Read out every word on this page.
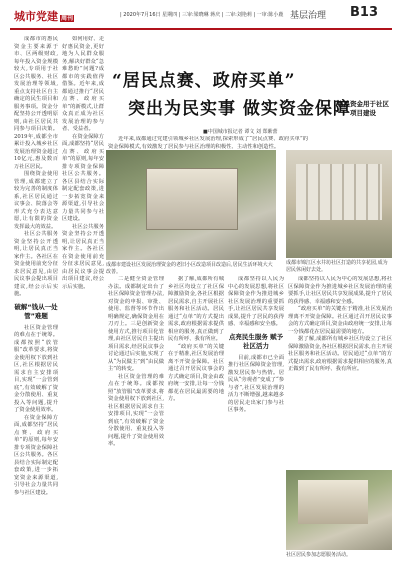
城市党建 周刊	| 2020年7月16日 星期四 | 三审:梁晓琳 蒋庆 | 二审:刘艳莉 | 一审:陈小鹿 基层治理 B13

成都市的惠民资金主要来源于市、区两级财政,每年投入资金规模较大,专项用于社区公共服务、社区发展治理等领域,重点支持社区自主确定的民生项目和服务事项。资金分配坚持公开透明原则,由社区居民共同参与项目决策。2019年,成都全市累计投入城乡社区发展治理资金超过10亿元,惠及数百万社区居民。

围绕资金使用管理,成都建立了较为完善的制度体系,社区居民通过议事会、院落会等形式充分表达意愿,让有限的资金发挥最大的效益。

社区公共服务资金坚持公开透明,让居民真正当家作主。各社区在资金使用前充分征求居民意见,由居民议事会提出项目建议,经公示后实施。

破解“钱从一处管”难题

社区资金管理的难点在于统筹。成都按照“放管服”改革要求,将资金使用权下放到社区,社区根据居民需求自主安排项目,实现“一会管到底”,有效破解了资金分散使用、重复投入等问题,提升了资金使用效率。

在资金保障方面,成都坚持“居民点赛、政府买单”的原则,每年安排专项资金保障社区公共服务。各区县结合实际制定配套政策,进一步拓宽资金来源渠道,引导社会力量共同参与社区建设。

如何用好、走好惠民资金,更好地为人民群众服务,解决好群众“急难愁盼”问题?成都市的实践值得借鉴。近年来,成都通过推行“居民点赛、政府买单”的新模式,让群众真正成为社区发展治理的参与者、受益者。

在资金保障方面,成都坚持“居民点赛、政府买单”的原则,每年安排专项资金保障社区公共服务。各区县结合实际制定配套政策,进一步拓宽资金来源渠道,引导社会力量共同参与社区建设。

社区公共服务资金坚持公开透明,让居民真正当家作主。各社区在资金使用前充分征求居民意见,由居民议事会提出项目建议,经公示后实施。

“居民点赛、政府买单”
突出为民实事 做实资金保障
■中国城市报记者 谭文 刘 郑紫蕾

近年来,成都通过党建引领城乡社区发展治理,探索形成了“居民点赛、政府买单”的资金保障模式,有效激发了居民参与社区治理的积极性、主动性和创造性。

惠民资金用于社区项目建设
成都市建设社区发展治理资金的老旧小区改造项目改造后,居民生活环境大大改善。
成都市锦江区水井坊社区打造的共享花园,成为居民休闲好去处。

二是健全资金管理办法。成都制定出台了社区保障资金管理办法,对资金的申报、审批、使用、监督等环节作出明确规定,确保资金用在刀刃上。三是创新资金使用方式,推行项目化管理,由社区居民自主提出项目需求,经居民议事会讨论通过后实施,实现了从“为民做主”到“由民做主”的转变。

社区资金管理的难点在于统筹。成都按照“放管服”改革要求,将资金使用权下放到社区,社区根据居民需求自主安排项目,实现“一会管到底”,有效破解了资金分散使用、重复投入等问题,提升了资金使用效率。

据了解,成都所有城乡社区均设立了社区保障激励资金,各社区根据居民需求,自主开展社区服务和社区活动。居民通过“点单”的方式提出需求,政府根据需求提供相应的服务,真正做到了民有所呼、我有所应。

“政府买单”的关键在于精准,社区发展治理离不开资金保障。社区通过召开居民议事会的方式确定项目,资金由政府统一安排,让每一分钱都花在居民最需要的地方。

成都坚持以人民为中心的发展思想,将社区保障资金作为推进城乡社区发展治理的重要抓手,让社区居民共享发展成果,提升了居民的获得感、幸福感和安全感。

点亮民生服务 赋予社区活力

目前,成都市已全面推行社区保障资金管理,激发居民参与热情。居民从“旁观者”变成了“参与者”,社区发展治理的活力不断增强,越来越多的居民走出家门参与社区事务。

成都坚持以人民为中心的发展思想,将社区保障资金作为推进城乡社区发展治理的重要抓手,让社区居民共享发展成果,提升了居民的获得感、幸福感和安全感。

“政府买单”的关键在于精准,社区发展治理离不开资金保障。社区通过召开居民议事会的方式确定项目,资金由政府统一安排,让每一分钱都花在居民最需要的地方。

据了解,成都所有城乡社区均设立了社区保障激励资金,各社区根据居民需求,自主开展社区服务和社区活动。居民通过“点单”的方式提出需求,政府根据需求提供相应的服务,真正做到了民有所呼、我有所应。

社区居民参加志愿服务活动。
